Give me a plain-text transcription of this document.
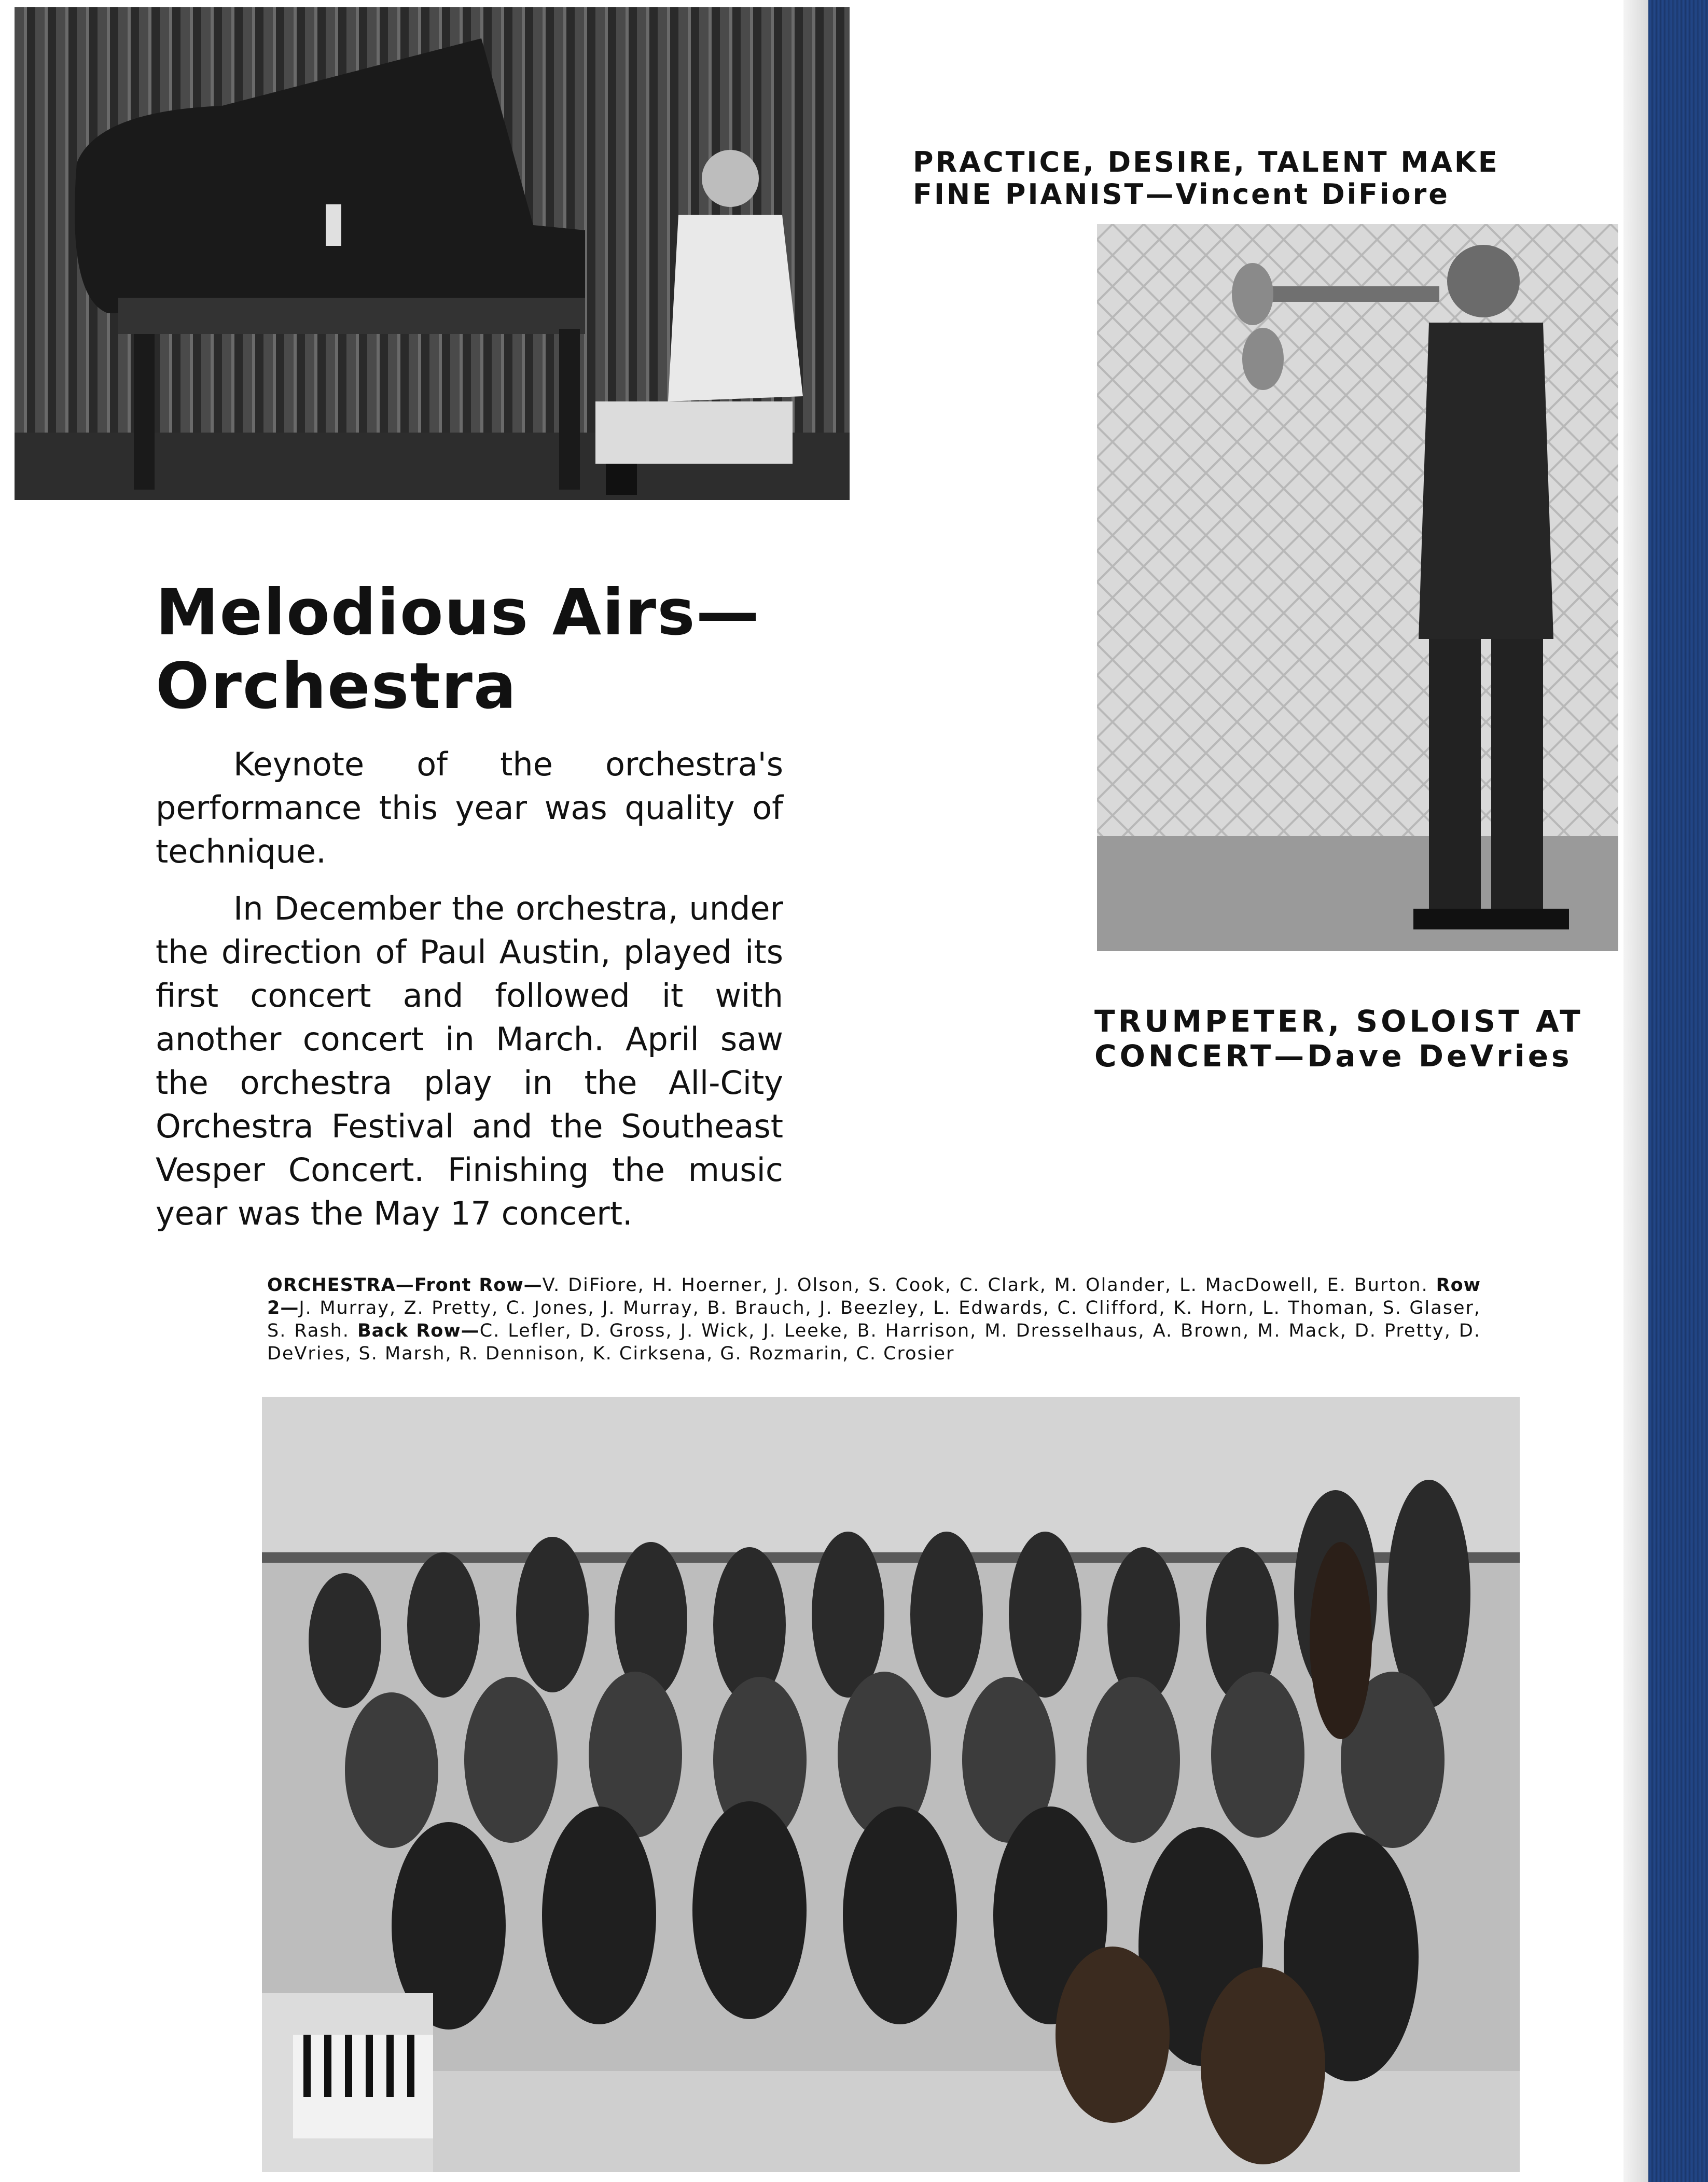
PRACTICE, DESIRE, TALENT MAKE FINE PIANIST—Vincent DiFiore

TRUMPETER, SOLOIST AT CONCERT—Dave DeVries

Melodious Airs—Orchestra

Keynote of the orchestra's performance this year was quality of technique.

In December the orchestra, under the direction of Paul Austin, played its first concert and followed it with another concert in March. April saw the orchestra play in the All-City Orchestra Festival and the Southeast Vesper Concert. Finishing the music year was the May 17 concert.

ORCHESTRA—Front Row—V. DiFiore, H. Hoerner, J. Olson, S. Cook, C. Clark, M. Olander, L. MacDowell, E. Burton. Row 2—J. Murray, Z. Pretty, C. Jones, J. Murray, B. Brauch, J. Beezley, L. Edwards, C. Clifford, K. Horn, L. Thoman, S. Glaser, S. Rash. Back Row—C. Lefler, D. Gross, J. Wick, J. Leeke, B. Harrison, M. Dresselhaus, A. Brown, M. Mack, D. Pretty, D. DeVries, S. Marsh, R. Dennison, K. Cirksena, G. Rozmarin, C. Crosier
